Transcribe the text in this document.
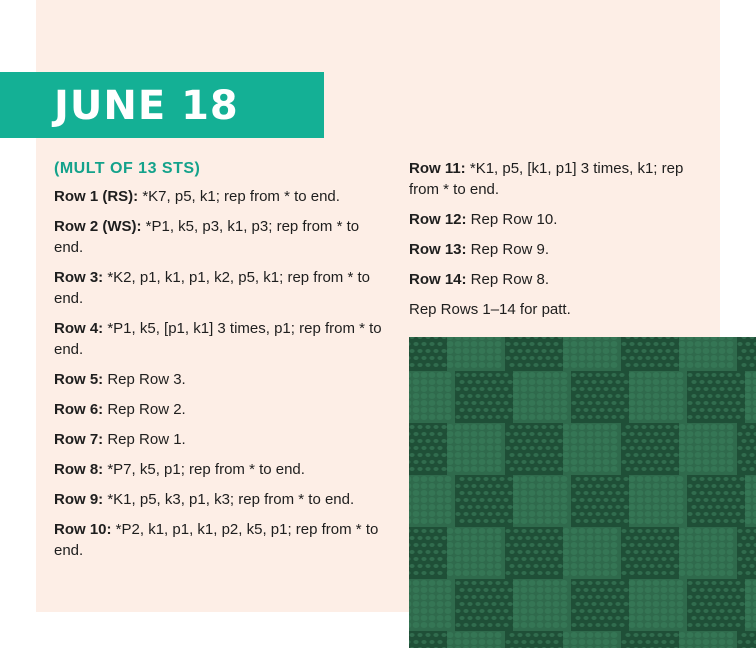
JUNE 18
(MULT OF 13 STS)
Row 1 (RS): *K7, p5, k1; rep from * to end.
Row 2 (WS): *P1, k5, p3, k1, p3; rep from * to end.
Row 3: *K2, p1, k1, p1, k2, p5, k1; rep from * to end.
Row 4: *P1, k5, [p1, k1] 3 times, p1; rep from * to end.
Row 5: Rep Row 3.
Row 6: Rep Row 2.
Row 7: Rep Row 1.
Row 8: *P7, k5, p1; rep from * to end.
Row 9: *K1, p5, k3, p1, k3; rep from * to end.
Row 10: *P2, k1, p1, k1, p2, k5, p1; rep from * to end.
Row 11: *K1, p5, [k1, p1] 3 times, k1; rep from * to end.
Row 12: Rep Row 10.
Row 13: Rep Row 9.
Row 14: Rep Row 8.
Rep Rows 1–14 for patt.
